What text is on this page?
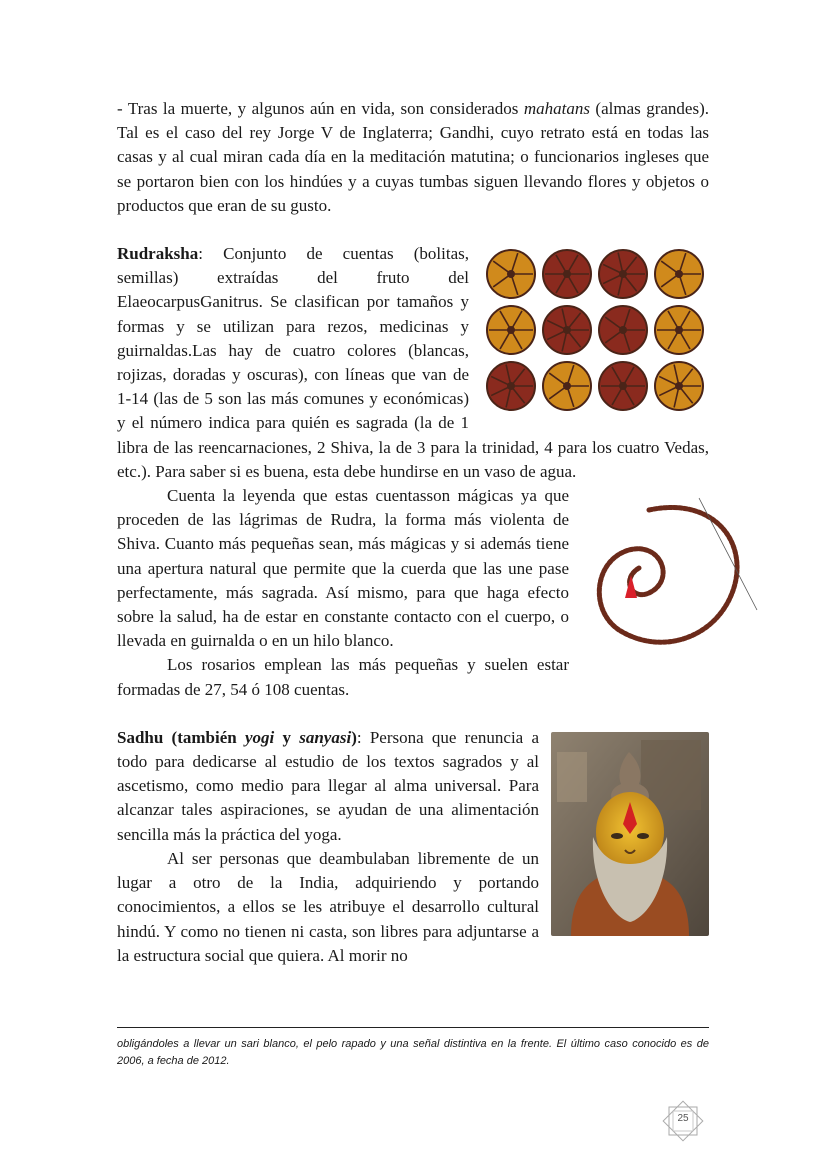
- Tras la muerte, y algunos aún en vida, son considerados mahatans (almas grandes). Tal es el caso del rey Jorge V de Inglaterra; Gandhi, cuyo retrato está en todas las casas y al cual miran cada día en la meditación matutina; o funcionarios ingleses que se portaron bien con los hindúes y a cuyas tumbas siguen llevando flores y objetos o productos que eran de su gusto.

Rudraksha: Conjunto de cuentas (bolitas, semillas) extraídas del fruto del ElaeocarpusGanitrus. Se clasifican por tamaños y formas y se utilizan para rezos, medicinas y guirnaldas.Las hay de cuatro colores (blancas, rojizas, doradas y oscuras), con líneas que van de 1-14 (las de 5 son las más comunes y económicas) y el número indica para quién es sagrada (la de 1 libra de las reencarnaciones, 2 Shiva, la de 3 para la trinidad, 4 para los cuatro Vedas, etc.). Para saber si es buena, esta debe hundirse en un vaso de agua.

Cuenta la leyenda que estas cuentasson mágicas ya que proceden de las lágrimas de Rudra, la forma más violenta de Shiva. Cuanto más pequeñas sean, más mágicas y si además tiene una apertura natural que permite que la cuerda que las une pase perfectamente, más sagrada. Así mismo, para que haga efecto sobre la salud, ha de estar en constante contacto con el cuerpo, o llevada en guirnalda o en un hilo blanco.

Los rosarios emplean las más pequeñas y suelen estar formadas de 27, 54 ó 108 cuentas.

Sadhu (también yogi y sanyasi): Persona que renuncia a todo para dedicarse al estudio de los textos sagrados y al ascetismo, como medio para llegar al alma universal. Para alcanzar tales aspiraciones, se ayudan de una alimentación sencilla más la práctica del yoga.

Al ser personas que deambulaban libremente de un lugar a otro de la India, adquiriendo y portando conocimientos, a ellos se les atribuye el desarrollo cultural hindú. Y como no tienen ni casta, son libres para adjuntarse a la estructura social que quiera. Al morir no

obligándoles a llevar un sari blanco, el pelo rapado y una señal distintiva en la frente. El último caso conocido es de 2006, a fecha de 2012.
25
